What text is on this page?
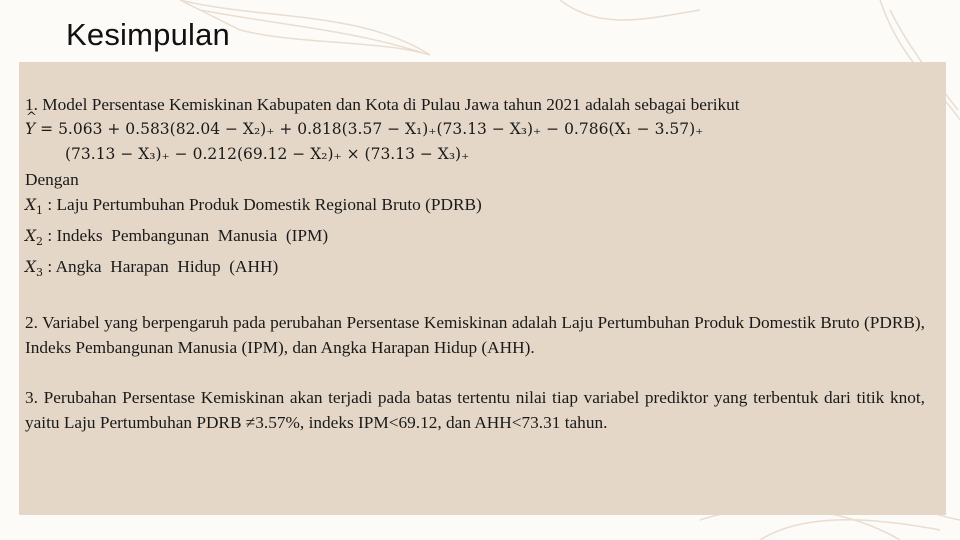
Kesimpulan
1. Model Persentase Kemiskinan Kabupaten dan Kota di Pulau Jawa tahun 2021 adalah sebagai berikut
^ Y = 5.063 + 0.583(82.04 − X₂)₊ + 0.818(3.57 − X₁)₊(73.13 − X₃)₊ − 0.786(X₁ − 3.57)₊
(73.13 − X₃)₊ − 0.212(69.12 − X₂)₊ × (73.13 − X₃)₊
Dengan
$X_1$ : Laju Pertumbuhan Produk Domestik Regional Bruto (PDRB)
$X_2$ : Indeks  Pembangunan  Manusia  (IPM)
$X_3$ : Angka  Harapan  Hidup  (AHH)
2. Variabel yang berpengaruh pada perubahan Persentase Kemiskinan adalah Laju Pertumbuhan Produk Domestik Bruto (PDRB), Indeks Pembangunan Manusia (IPM), dan Angka Harapan Hidup (AHH).
3. Perubahan Persentase Kemiskinan akan terjadi pada batas tertentu nilai tiap variabel prediktor yang terbentuk dari titik knot, yaitu Laju Pertumbuhan PDRB ≠3.57%, indeks IPM<69.12, dan AHH<73.31 tahun.
